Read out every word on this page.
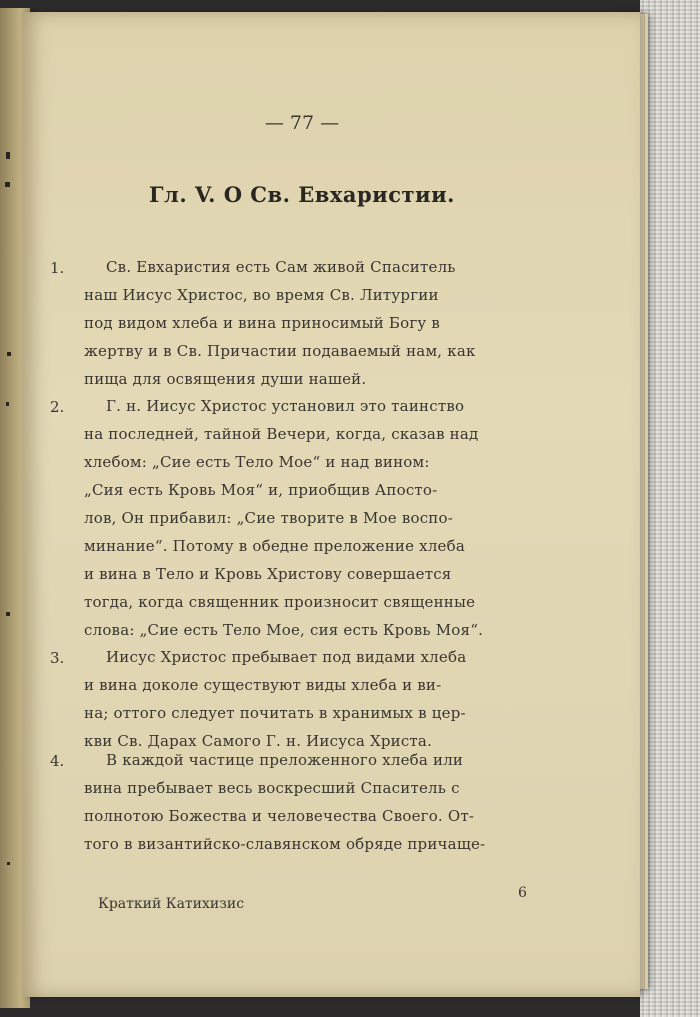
— 77 —
Гл. V. О Св. Евхаристии.
1.	Св. Евхаристия есть Сам живой Спаситель
наш Иисус Христос, во время Св. Литургии
под видом хлеба и вина приносимый Богу в
жертву и в Св. Причастии подаваемый нам, как
пища для освящения души нашей.
2.	Г. н. Иисус Христос установил это таинство
на последней, тайной Вечери, когда, сказав над
хлебом: „Сие есть Тело Мое“ и над вином:
„Сия есть Кровь Моя“ и, приобщив Апосто-
лов, Он прибавил: „Сие творите в Мое воспо-
минание“. Потому в обедне преложение хлеба
и вина в Тело и Кровь Христову совершается
тогда, когда священник произносит священные
слова: „Сие есть Тело Мое, сия есть Кровь Моя“.
3.	Иисус Христос пребывает под видами хлеба
и вина доколе существуют виды хлеба и ви-
на; оттого следует почитать в хранимых в цер-
кви Св. Дарах Самого Г. н. Иисуса Христа.
4.	В каждой частице преложенного хлеба или
вина пребывает весь воскресший Спаситель с
полнотою Божества и человечества Своего. От-
того в византийско-славянском обряде причаще-
Краткий Катихизис
6
